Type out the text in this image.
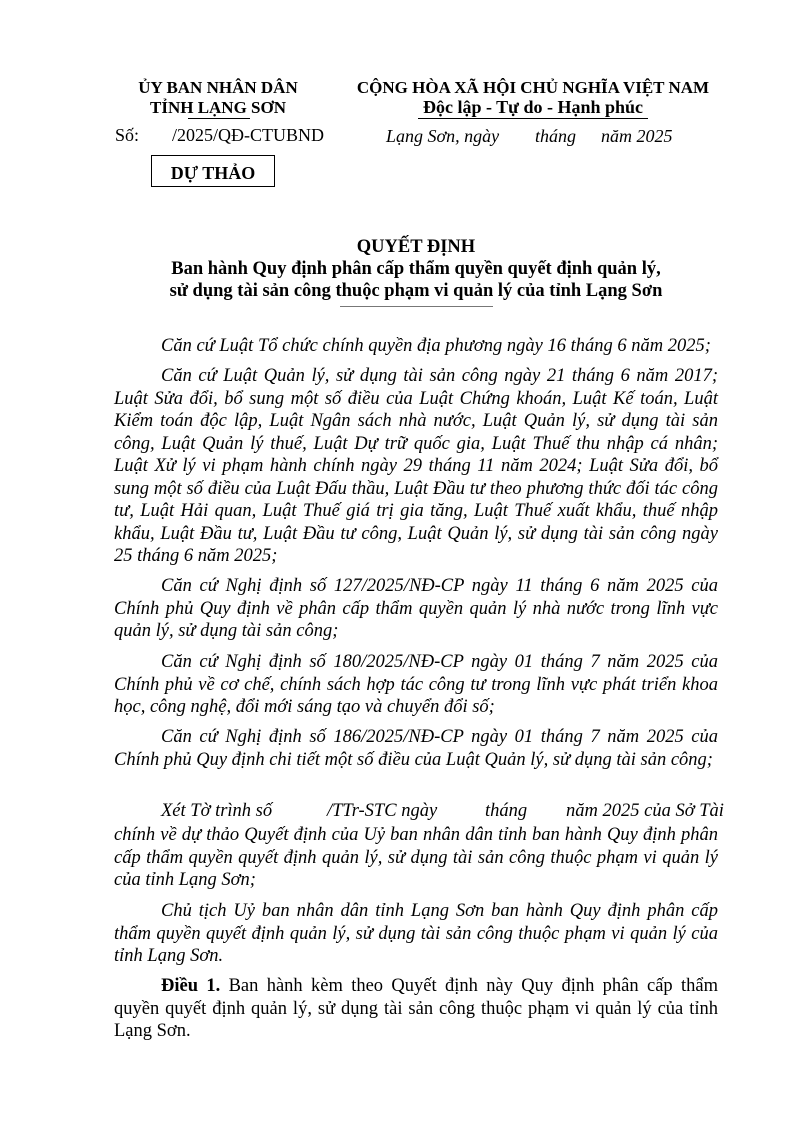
ỦY BAN NHÂN DÂN
TỈNH LẠNG SƠN
CỘNG HÒA XÃ HỘI CHỦ NGHĨA VIỆT NAM
Độc lập - Tự do - Hạnh phúc
Số: /2025/QĐ-CTUBND	Lạng Sơn, ngày tháng năm 2025
DỰ THẢO
QUYẾT ĐỊNH
Ban hành Quy định phân cấp thẩm quyền quyết định quản lý,
sử dụng tài sản công thuộc phạm vi quản lý của tỉnh Lạng Sơn
Căn cứ Luật Tổ chức chính quyền địa phương ngày 16 tháng 6 năm 2025;
Căn cứ Luật Quản lý, sử dụng tài sản công ngày 21 tháng 6 năm 2017; Luật Sửa đổi, bổ sung một số điều của Luật Chứng khoán, Luật Kế toán, Luật Kiểm toán độc lập, Luật Ngân sách nhà nước, Luật Quản lý, sử dụng tài sản công, Luật Quản lý thuế, Luật Dự trữ quốc gia, Luật Thuế thu nhập cá nhân; Luật Xử lý vi phạm hành chính ngày 29 tháng 11 năm 2024; Luật Sửa đổi, bổ sung một số điều của Luật Đấu thầu, Luật Đầu tư theo phương thức đối tác công tư, Luật Hải quan, Luật Thuế giá trị gia tăng, Luật Thuế xuất khẩu, thuế nhập khẩu, Luật Đầu tư, Luật Đầu tư công, Luật Quản lý, sử dụng tài sản công ngày 25 tháng 6 năm 2025;
Căn cứ Nghị định số 127/2025/NĐ-CP ngày 11 tháng 6 năm 2025 của Chính phủ Quy định về phân cấp thẩm quyền quản lý nhà nước trong lĩnh vực quản lý, sử dụng tài sản công;
Căn cứ Nghị định số 180/2025/NĐ-CP ngày 01 tháng 7 năm 2025 của Chính phủ về cơ chế, chính sách hợp tác công tư trong lĩnh vực phát triển khoa học, công nghệ, đổi mới sáng tạo và chuyển đổi số;
Căn cứ Nghị định số 186/2025/NĐ-CP ngày 01 tháng 7 năm 2025 của Chính phủ Quy định chi tiết một số điều của Luật Quản lý, sử dụng tài sản công;
Xét Tờ trình số	/TTr-STC ngày	tháng năm 2025 của Sở Tài
chính về dự thảo Quyết định của Uỷ ban nhân dân tỉnh ban hành Quy định phân cấp thẩm quyền quyết định quản lý, sử dụng tài sản công thuộc phạm vi quản lý của tỉnh Lạng Sơn;
Chủ tịch Uỷ ban nhân dân tỉnh Lạng Sơn ban hành Quy định phân cấp thẩm quyền quyết định quản lý, sử dụng tài sản công thuộc phạm vi quản lý của tỉnh Lạng Sơn.
Điều 1. Ban hành kèm theo Quyết định này Quy định phân cấp thẩm quyền quyết định quản lý, sử dụng tài sản công thuộc phạm vi quản lý của tỉnh Lạng Sơn.
